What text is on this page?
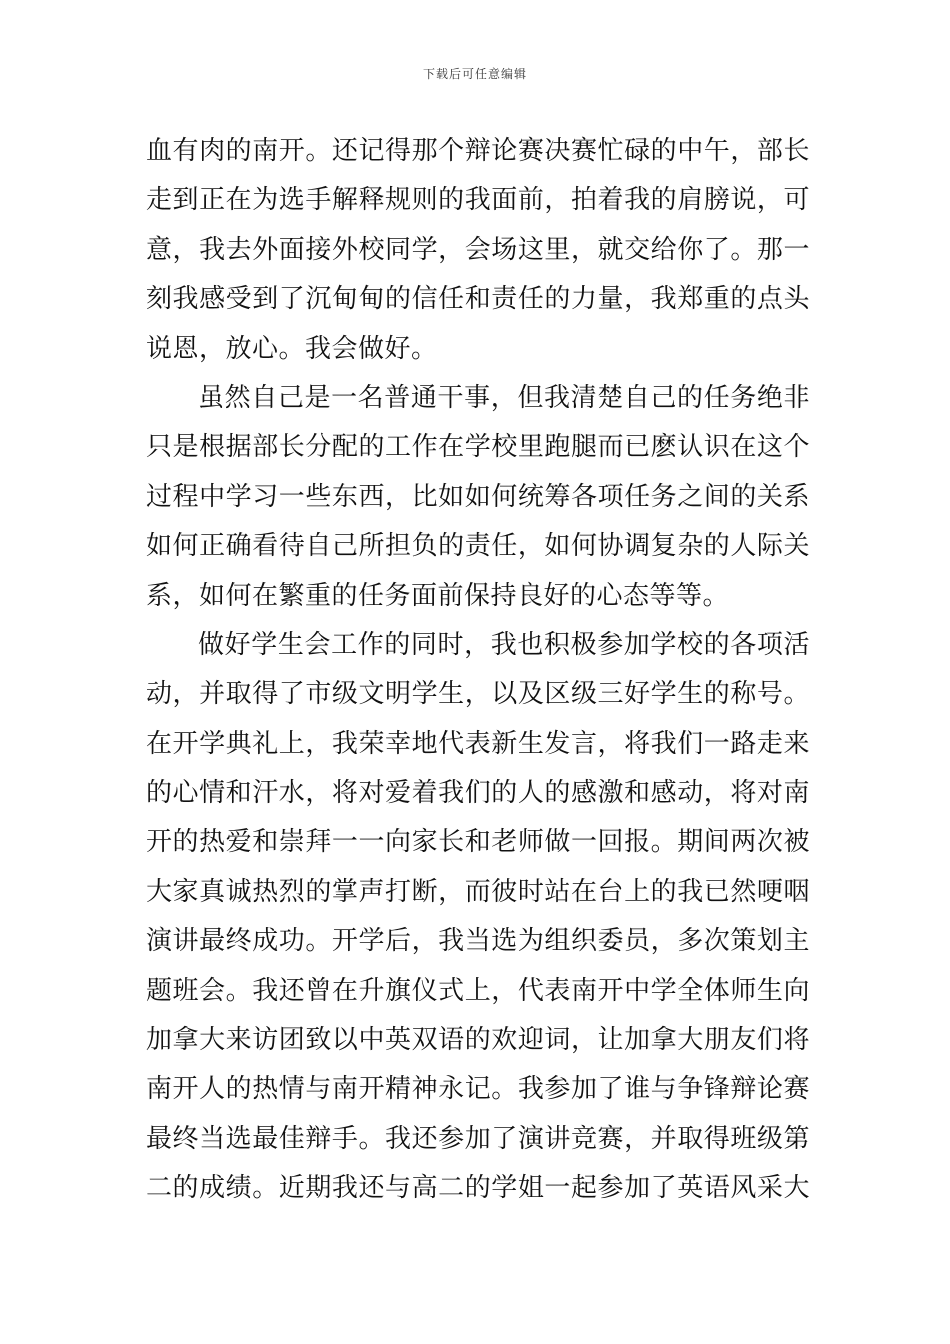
下载后可任意编辑
血有肉的南开。还记得那个辩论赛决赛忙碌的中午，部长
走到正在为选手解释规则的我面前，拍着我的肩膀说，可
意，我去外面接外校同学，会场这里，就交给你了。那一
刻我感受到了沉甸甸的信任和责任的力量，我郑重的点头
说恩，放心。我会做好。
虽然自己是一名普通干事，但我清楚自己的任务绝非
只是根据部长分配的工作在学校里跑腿而已麽认识在这个
过程中学习一些东西，比如如何统筹各项任务之间的关系
如何正确看待自己所担负的责任，如何协调复杂的人际关
系，如何在繁重的任务面前保持良好的心态等等。
做好学生会工作的同时，我也积极参加学校的各项活
动，并取得了市级文明学生，以及区级三好学生的称号。
在开学典礼上，我荣幸地代表新生发言，将我们一路走来
的心情和汗水，将对爱着我们的人的感激和感动，将对南
开的热爱和崇拜一一向家长和老师做一回报。期间两次被
大家真诚热烈的掌声打断，而彼时站在台上的我已然哽咽
演讲最终成功。开学后，我当选为组织委员，多次策划主
题班会。我还曾在升旗仪式上，代表南开中学全体师生向
加拿大来访团致以中英双语的欢迎词，让加拿大朋友们将
南开人的热情与南开精神永记。我参加了谁与争锋辩论赛
最终当选最佳辩手。我还参加了演讲竞赛，并取得班级第
二的成绩。近期我还与高二的学姐一起参加了英语风采大
